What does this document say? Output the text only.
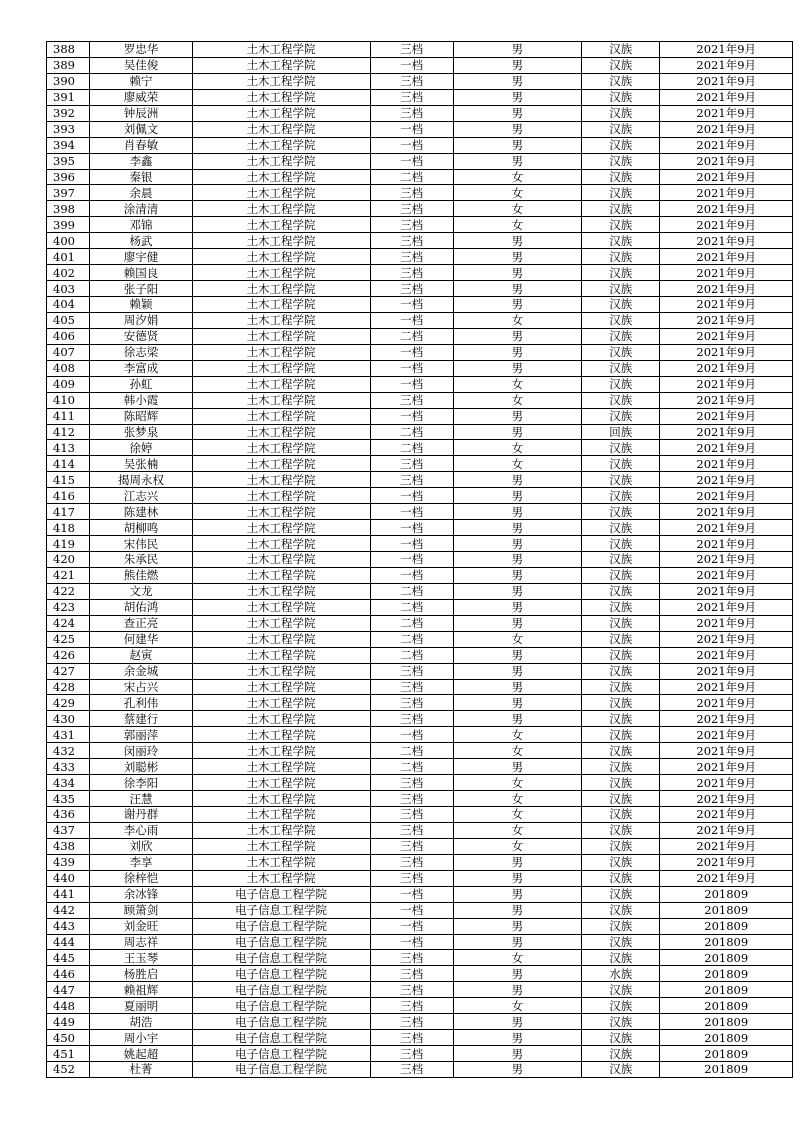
388	罗忠华	土木工程学院	三档	男	汉族	2021年9月
389	吴佳俊	土木工程学院	一档	男	汉族	2021年9月
390	赖宁	土木工程学院	三档	男	汉族	2021年9月
391	廖威荣	土木工程学院	三档	男	汉族	2021年9月
392	钟辰洲	土木工程学院	三档	男	汉族	2021年9月
393	刘佩文	土木工程学院	一档	男	汉族	2021年9月
394	肖春敏	土木工程学院	一档	男	汉族	2021年9月
395	李鑫	土木工程学院	一档	男	汉族	2021年9月
396	秦银	土木工程学院	二档	女	汉族	2021年9月
397	余晨	土木工程学院	三档	女	汉族	2021年9月
398	涂清清	土木工程学院	三档	女	汉族	2021年9月
399	邓锦	土木工程学院	三档	女	汉族	2021年9月
400	杨武	土木工程学院	三档	男	汉族	2021年9月
401	廖宇健	土木工程学院	三档	男	汉族	2021年9月
402	赖国良	土木工程学院	三档	男	汉族	2021年9月
403	张子阳	土木工程学院	三档	男	汉族	2021年9月
404	赖颖	土木工程学院	一档	男	汉族	2021年9月
405	周汐娟	土木工程学院	一档	女	汉族	2021年9月
406	安德贤	土木工程学院	二档	男	汉族	2021年9月
407	徐志梁	土木工程学院	一档	男	汉族	2021年9月
408	李富成	土木工程学院	一档	男	汉族	2021年9月
409	孙虹	土木工程学院	一档	女	汉族	2021年9月
410	韩小霞	土木工程学院	三档	女	汉族	2021年9月
411	陈昭辉	土木工程学院	一档	男	汉族	2021年9月
412	张梦泉	土木工程学院	二档	男	回族	2021年9月
413	徐婷	土木工程学院	二档	女	汉族	2021年9月
414	吴张楠	土木工程学院	三档	女	汉族	2021年9月
415	揭周永权	土木工程学院	三档	男	汉族	2021年9月
416	江志兴	土木工程学院	一档	男	汉族	2021年9月
417	陈建林	土木工程学院	一档	男	汉族	2021年9月
418	胡柳鸣	土木工程学院	一档	男	汉族	2021年9月
419	宋伟民	土木工程学院	一档	男	汉族	2021年9月
420	朱承民	土木工程学院	一档	男	汉族	2021年9月
421	熊佳燃	土木工程学院	一档	男	汉族	2021年9月
422	文龙	土木工程学院	二档	男	汉族	2021年9月
423	胡佑鸿	土木工程学院	二档	男	汉族	2021年9月
424	查正亮	土木工程学院	二档	男	汉族	2021年9月
425	何建华	土木工程学院	二档	女	汉族	2021年9月
426	赵寅	土木工程学院	二档	男	汉族	2021年9月
427	余金城	土木工程学院	三档	男	汉族	2021年9月
428	宋占兴	土木工程学院	三档	男	汉族	2021年9月
429	孔利伟	土木工程学院	三档	男	汉族	2021年9月
430	蔡建行	土木工程学院	三档	男	汉族	2021年9月
431	郭丽萍	土木工程学院	一档	女	汉族	2021年9月
432	闵丽玲	土木工程学院	二档	女	汉族	2021年9月
433	刘聪彬	土木工程学院	二档	男	汉族	2021年9月
434	徐李阳	土木工程学院	三档	女	汉族	2021年9月
435	汪慧	土木工程学院	三档	女	汉族	2021年9月
436	谢丹群	土木工程学院	三档	女	汉族	2021年9月
437	李心雨	土木工程学院	三档	女	汉族	2021年9月
438	刘欣	土木工程学院	三档	女	汉族	2021年9月
439	李享	土木工程学院	三档	男	汉族	2021年9月
440	徐梓恺	土木工程学院	三档	男	汉族	2021年9月
441	余冰锋	电子信息工程学院	一档	男	汉族	201809
442	顾箫剑	电子信息工程学院	一档	男	汉族	201809
443	刘金旺	电子信息工程学院	一档	男	汉族	201809
444	周志祥	电子信息工程学院	一档	男	汉族	201809
445	王玉琴	电子信息工程学院	三档	女	汉族	201809
446	杨胜启	电子信息工程学院	三档	男	水族	201809
447	赖祖辉	电子信息工程学院	三档	男	汉族	201809
448	夏丽明	电子信息工程学院	三档	女	汉族	201809
449	胡浩	电子信息工程学院	三档	男	汉族	201809
450	周小宇	电子信息工程学院	三档	男	汉族	201809
451	姚起超	电子信息工程学院	三档	男	汉族	201809
452	杜菁	电子信息工程学院	三档	男	汉族	201809
